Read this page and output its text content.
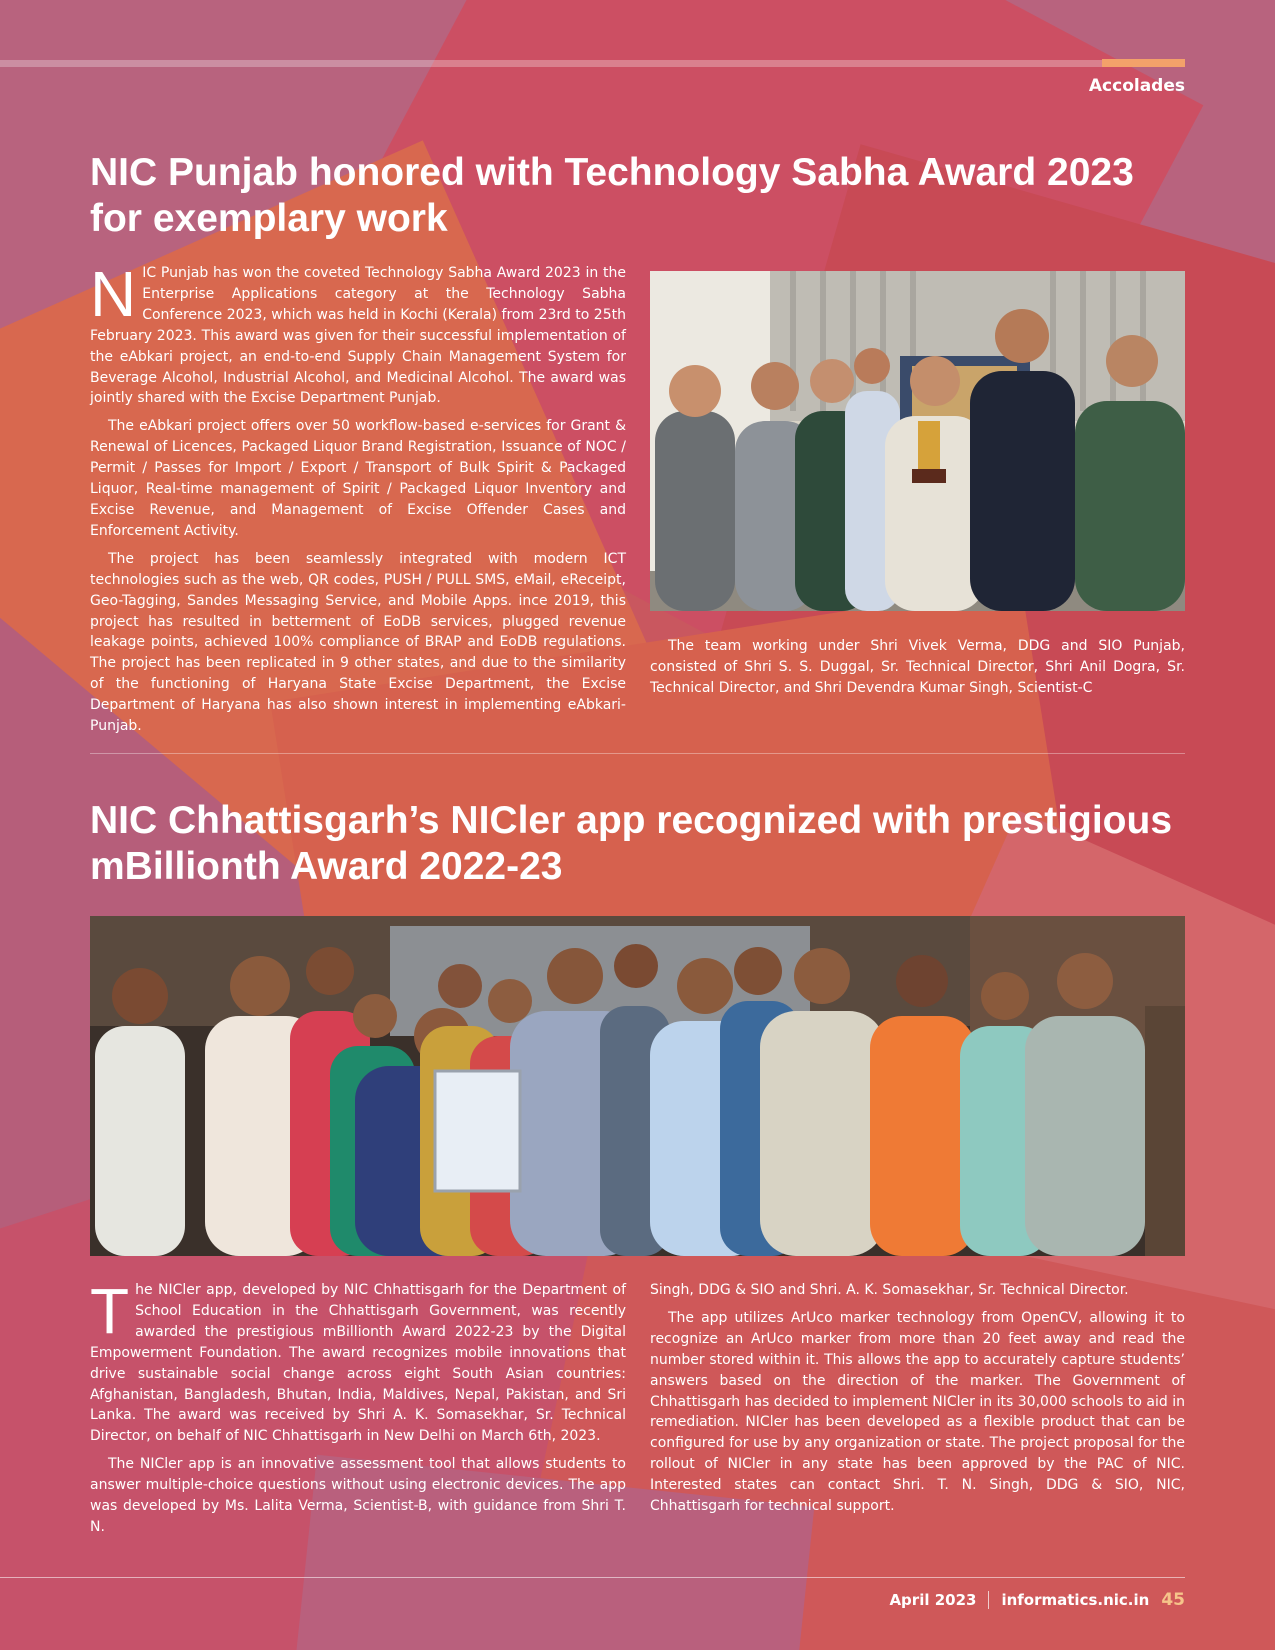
Accolades
NIC Punjab honored with Technology Sabha Award 2023 for exemplary work

NIC Punjab has won the coveted Technology Sabha Award 2023 in the Enterprise Applications category at the Technology Sabha Conference 2023, which was held in Kochi (Kerala) from 23rd to 25th February 2023. This award was given for their successful implementation of the eAbkari project, an end-to-end Supply Chain Management System for Beverage Alcohol, Industrial Alcohol, and Medicinal Alcohol. The award was jointly shared with the Excise Department Punjab.

The eAbkari project offers over 50 workflow-based e-services for Grant & Renewal of Licences, Packaged Liquor Brand Registration, Issuance of NOC / Permit / Passes for Import / Export / Transport of Bulk Spirit & Packaged Liquor, Real-time management of Spirit / Packaged Liquor Inventory and Excise Revenue, and Management of Excise Offender Cases and Enforcement Activity.

The project has been seamlessly integrated with modern ICT technologies such as the web, QR codes, PUSH / PULL SMS, eMail, eReceipt, Geo-Tagging, Sandes Messaging Service, and Mobile Apps. ince 2019, this project has resulted in betterment of EoDB services, plugged revenue leakage points, achieved 100% compliance of BRAP and EoDB regulations. The project has been replicated in 9 other states, and due to the similarity of the functioning of Haryana State Excise Department, the Excise Department of Haryana has also shown interest in implementing eAbkari-Punjab.

The team working under Shri Vivek Verma, DDG and SIO Punjab, consisted of Shri S. S. Duggal, Sr. Technical Director, Shri Anil Dogra, Sr. Technical Director, and Shri Devendra Kumar Singh, Scientist-C
NIC Chhattisgarh’s NICler app recognized with prestigious mBillionth Award 2022-23

The NICler app, developed by NIC Chhattisgarh for the Department of School Education in the Chhattisgarh Government, was recently awarded the prestigious mBillionth Award 2022-23 by the Digital Empowerment Foundation. The award recognizes mobile innovations that drive sustainable social change across eight South Asian countries: Afghanistan, Bangladesh, Bhutan, India, Maldives, Nepal, Pakistan, and Sri Lanka. The award was received by Shri A. K. Somasekhar, Sr. Technical Director, on behalf of NIC Chhattisgarh in New Delhi on March 6th, 2023.

The NICler app is an innovative assessment tool that allows students to answer multiple-choice questions without using electronic devices. The app was developed by Ms. Lalita Verma, Scientist-B, with guidance from Shri T. N.

Singh, DDG & SIO and Shri. A. K. Somasekhar, Sr. Technical Director.

The app utilizes ArUco marker technology from OpenCV, allowing it to recognize an ArUco marker from more than 20 feet away and read the number stored within it. This allows the app to accurately capture students’ answers based on the direction of the marker. The Government of Chhattisgarh has decided to implement NICler in its 30,000 schools to aid in remediation. NICler has been developed as a flexible product that can be configured for use by any organization or state. The project proposal for the rollout of NICler in any state has been approved by the PAC of NIC. Interested states can contact Shri. T. N. Singh, DDG & SIO, NIC, Chhattisgarh for technical support.

April 2023 informatics.nic.in 45
